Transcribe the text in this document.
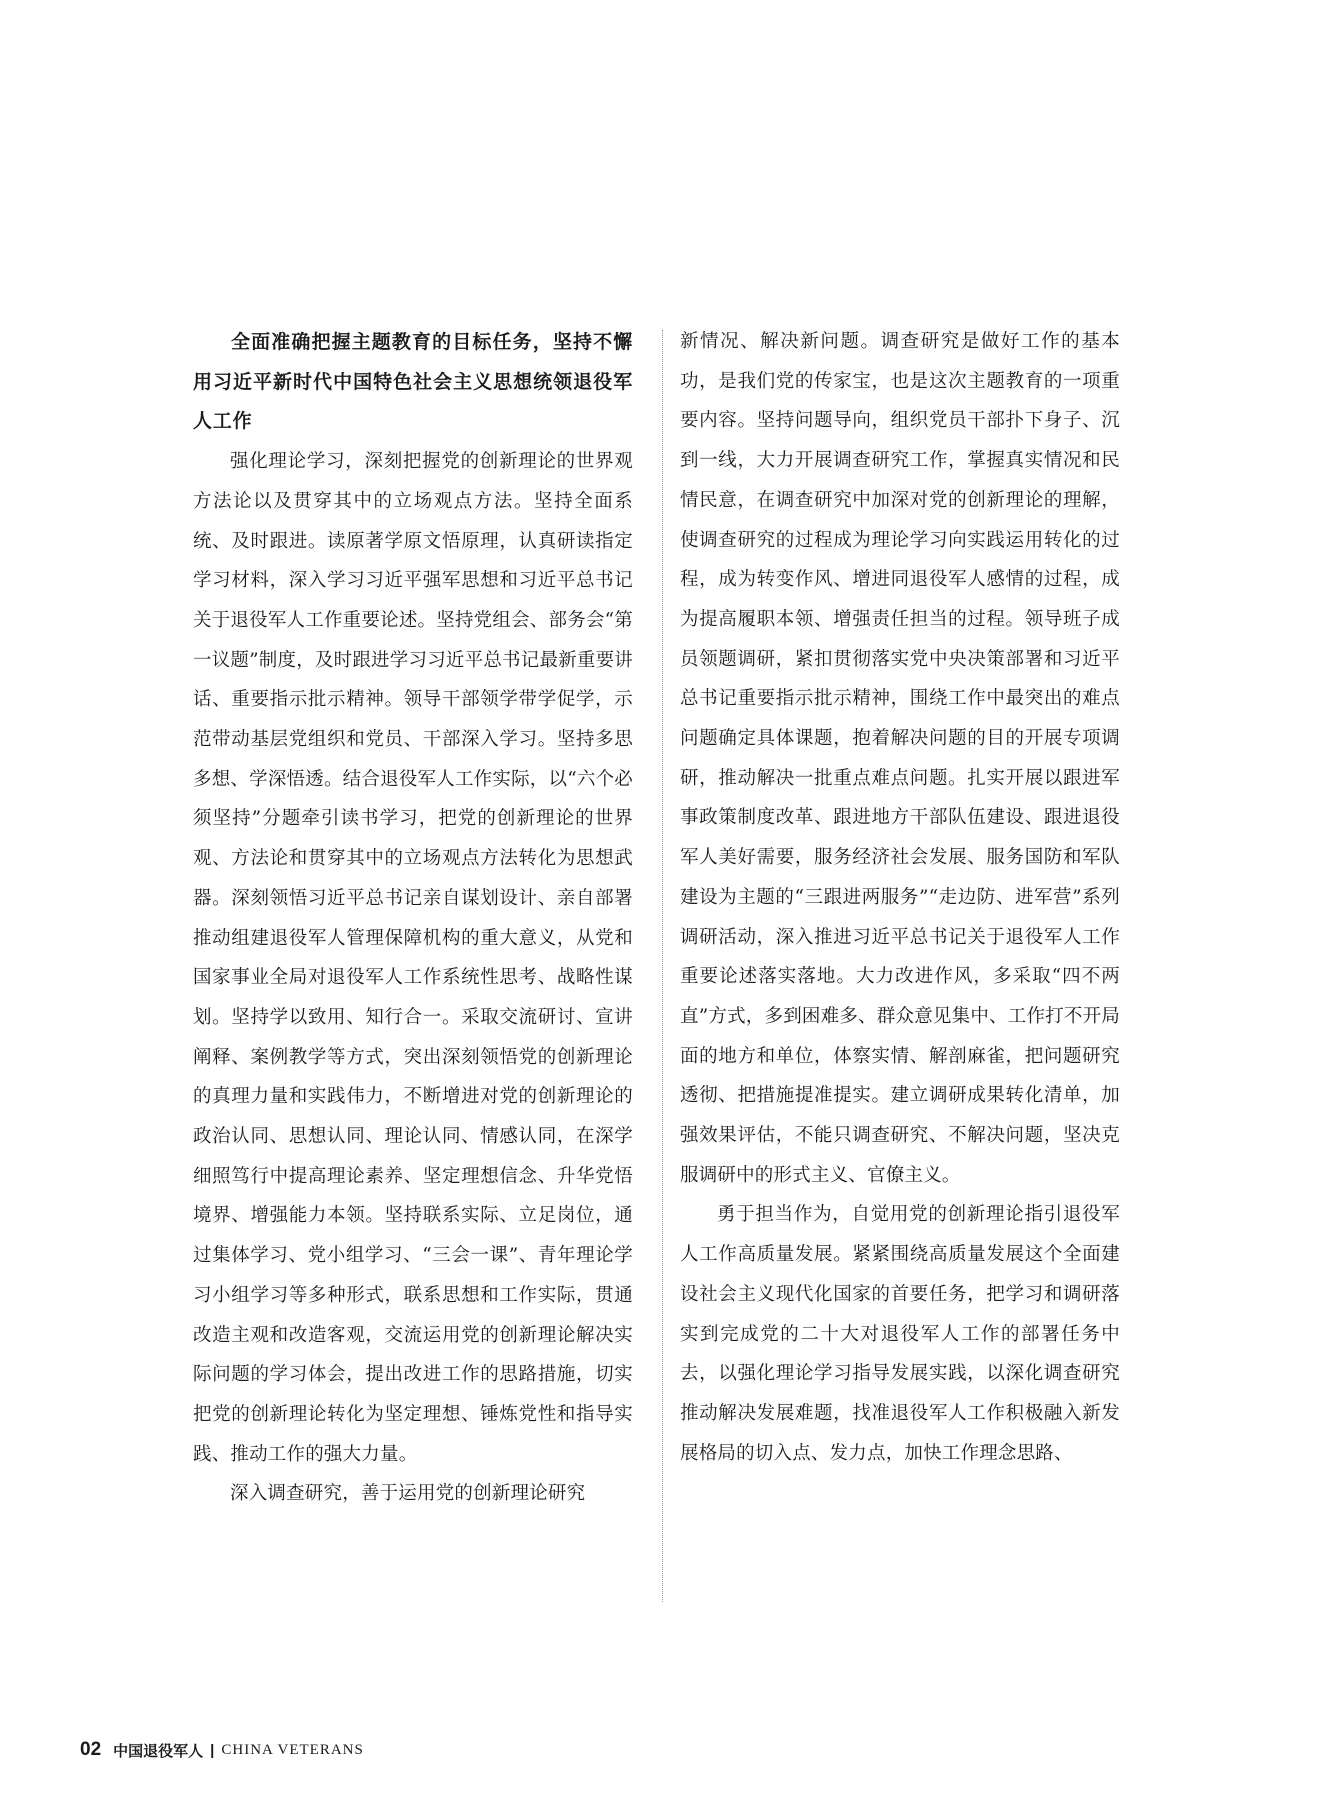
全面准确把握主题教育的目标任务，坚持不懈用习近平新时代中国特色社会主义思想统领退役军人工作

强化理论学习，深刻把握党的创新理论的世界观方法论以及贯穿其中的立场观点方法。坚持全面系统、及时跟进。读原著学原文悟原理，认真研读指定学习材料，深入学习习近平强军思想和习近平总书记关于退役军人工作重要论述。坚持党组会、部务会“第一议题”制度，及时跟进学习习近平总书记最新重要讲话、重要指示批示精神。领导干部领学带学促学，示范带动基层党组织和党员、干部深入学习。坚持多思多想、学深悟透。结合退役军人工作实际，以“六个必须坚持”分题牵引读书学习，把党的创新理论的世界观、方法论和贯穿其中的立场观点方法转化为思想武器。深刻领悟习近平总书记亲自谋划设计、亲自部署推动组建退役军人管理保障机构的重大意义，从党和国家事业全局对退役军人工作系统性思考、战略性谋划。坚持学以致用、知行合一。采取交流研讨、宣讲阐释、案例教学等方式，突出深刻领悟党的创新理论的真理力量和实践伟力，不断增进对党的创新理论的政治认同、思想认同、理论认同、情感认同，在深学细照笃行中提高理论素养、坚定理想信念、升华党悟境界、增强能力本领。坚持联系实际、立足岗位，通过集体学习、党小组学习、“三会一课”、青年理论学习小组学习等多种形式，联系思想和工作实际，贯通改造主观和改造客观，交流运用党的创新理论解决实际问题的学习体会，提出改进工作的思路措施，切实把党的创新理论转化为坚定理想、锤炼党性和指导实践、推动工作的强大力量。

深入调查研究，善于运用党的创新理论研究

新情况、解决新问题。调查研究是做好工作的基本功，是我们党的传家宝，也是这次主题教育的一项重要内容。坚持问题导向，组织党员干部扑下身子、沉到一线，大力开展调查研究工作，掌握真实情况和民情民意，在调查研究中加深对党的创新理论的理解，使调查研究的过程成为理论学习向实践运用转化的过程，成为转变作风、增进同退役军人感情的过程，成为提高履职本领、增强责任担当的过程。领导班子成员领题调研，紧扣贯彻落实党中央决策部署和习近平总书记重要指示批示精神，围绕工作中最突出的难点问题确定具体课题，抱着解决问题的目的开展专项调研，推动解决一批重点难点问题。扎实开展以跟进军事政策制度改革、跟进地方干部队伍建设、跟进退役军人美好需要，服务经济社会发展、服务国防和军队建设为主题的“三跟进两服务”“走边防、进军营”系列调研活动，深入推进习近平总书记关于退役军人工作重要论述落实落地。大力改进作风，多采取“四不两直”方式，多到困难多、群众意见集中、工作打不开局面的地方和单位，体察实情、解剖麻雀，把问题研究透彻、把措施提准提实。建立调研成果转化清单，加强效果评估，不能只调查研究、不解决问题，坚决克服调研中的形式主义、官僚主义。

勇于担当作为，自觉用党的创新理论指引退役军人工作高质量发展。紧紧围绕高质量发展这个全面建设社会主义现代化国家的首要任务，把学习和调研落实到完成党的二十大对退役军人工作的部署任务中去，以强化理论学习指导发展实践，以深化调查研究推动解决发展难题，找准退役军人工作积极融入新发展格局的切入点、发力点，加快工作理念思路、

02 中国退役军人 | CHINA VETERANS
